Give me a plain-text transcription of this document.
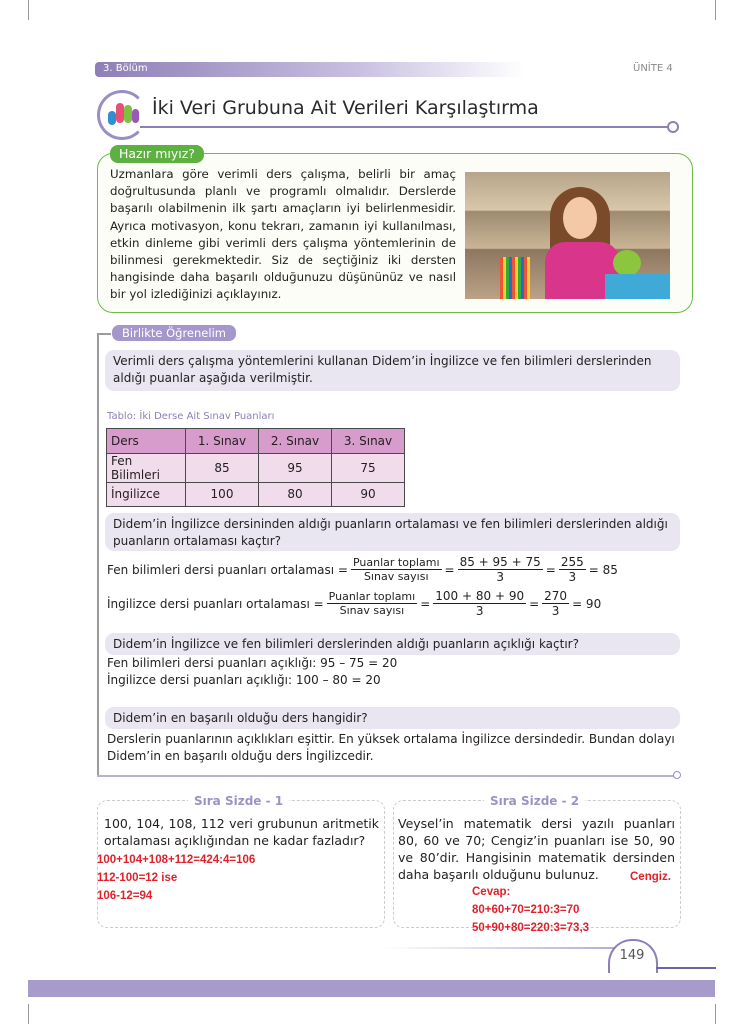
3. Bölüm	ÜNİTE 4
İki Veri Grubuna Ait Verileri Karşılaştırma
Hazır mıyız?
Uzmanlara göre verimli ders çalışma, belirli bir amaç doğrultusunda planlı ve programlı olmalıdır. Derslerde başarılı olabilmenin ilk şartı amaçların iyi belirlenmesidir. Ayrıca motivasyon, konu tekrarı, zamanın iyi kullanılması, etkin dinleme gibi verimli ders çalışma yöntemlerinin de bilinmesi gerekmektedir. Siz de seçtiğiniz iki dersten hangisinde daha başarılı olduğunuzu düşününüz ve nasıl bir yol izlediğinizi açıklayınız.
Birlikte Öğrenelim
Verimli ders çalışma yöntemlerini kullanan Didem’in İngilizce ve fen bilimleri derslerinden aldığı puanlar aşağıda verilmiştir.
Tablo: İki Derse Ait Sınav Puanları
Ders	1. Sınav	2. Sınav	3. Sınav
Fen Bilimleri	85	95	75
İngilizce	100	80	90
Didem’in İngilizce dersininden aldığı puanların ortalaması ve fen bilimleri derslerinden aldığı puanların ortalaması kaçtır?
Fen bilimleri dersi puanları ortalaması = $\frac{\text{Puanlar toplamı}}{\text{Sınav sayısı}} = \frac{85 + 95 + 75}{3} = \frac{255}{3} = 85$
İngilizce dersi puanları ortalaması = $\frac{\text{Puanlar toplamı}}{\text{Sınav sayısı}} = \frac{100 + 80 + 90}{3} = \frac{270}{3} = 90$
Didem’in İngilizce ve fen bilimleri derslerinden aldığı puanların açıklığı kaçtır?
Fen bilimleri dersi puanları açıklığı: 95 – 75 = 20
İngilizce dersi puanları açıklığı: 100 – 80 = 20
Didem’in en başarılı olduğu ders hangidir?
Derslerin puanlarının açıklıkları eşittir. En yüksek ortalama İngilizce dersindedir. Bundan dolayı Didem’in en başarılı olduğu ders İngilizcedir.
Sıra Sizde - 1
100, 104, 108, 112 veri grubunun aritmetik ortalaması açıklığından ne kadar fazladır?
100+104+108+112=424:4=106
112-100=12 ise
106-12=94
Sıra Sizde - 2
Veysel’in matematik dersi yazılı puanları 80, 60 ve 70; Cengiz’in puanları ise 50, 90 ve 80’dir. Hangisinin matematik dersinden daha başarılı olduğunu bulunuz.	Cengiz.
Cevap:
80+60+70=210:3=70
50+90+80=220:3=73,3
149
